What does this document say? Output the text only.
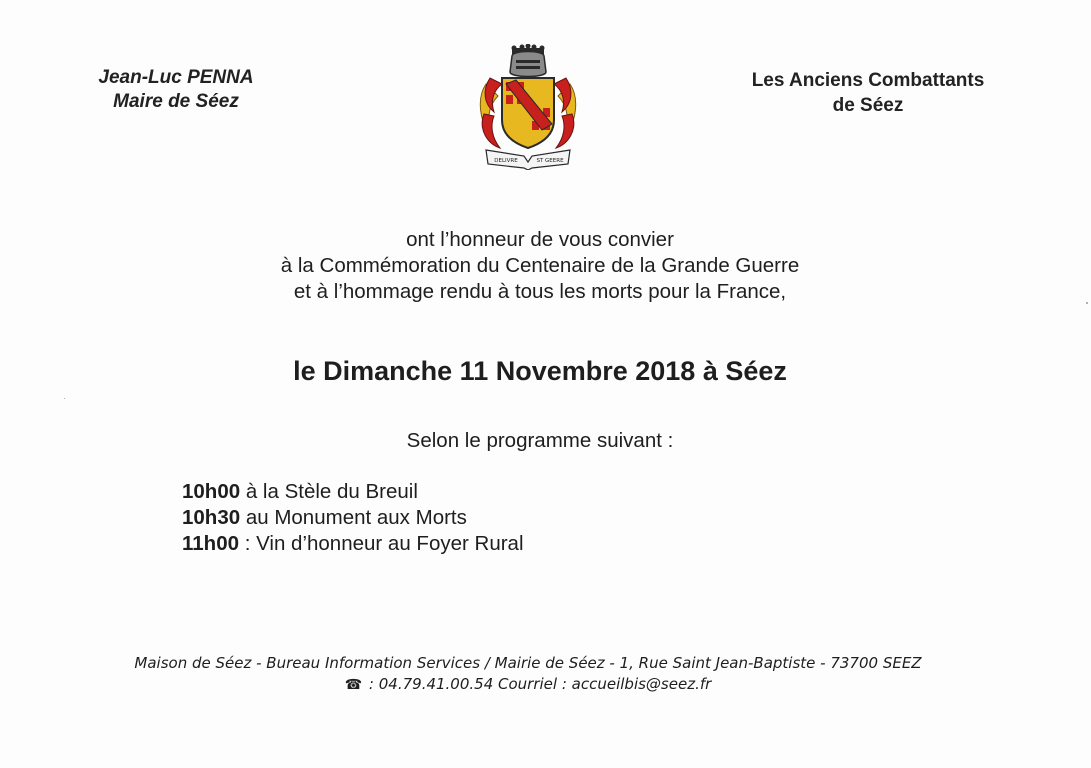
Jean-Luc PENNA
Maire de Séez
DELIVRE	ST GEERE
Les Anciens Combattants
de Séez
ont l’honneur de vous convier
à la Commémoration du Centenaire de la Grande Guerre
et à l’hommage rendu à tous les morts pour la France,
le Dimanche 11 Novembre 2018 à Séez
Selon le programme suivant :
10h00 à la Stèle du Breuil
10h30 au Monument aux Morts
11h00 : Vin d’honneur au Foyer Rural
Maison de Séez - Bureau Information Services / Mairie de Séez - 1, Rue Saint Jean-Baptiste - 73700 SEEZ
☎ : 04.79.41.00.54 Courriel : accueilbis@seez.fr
